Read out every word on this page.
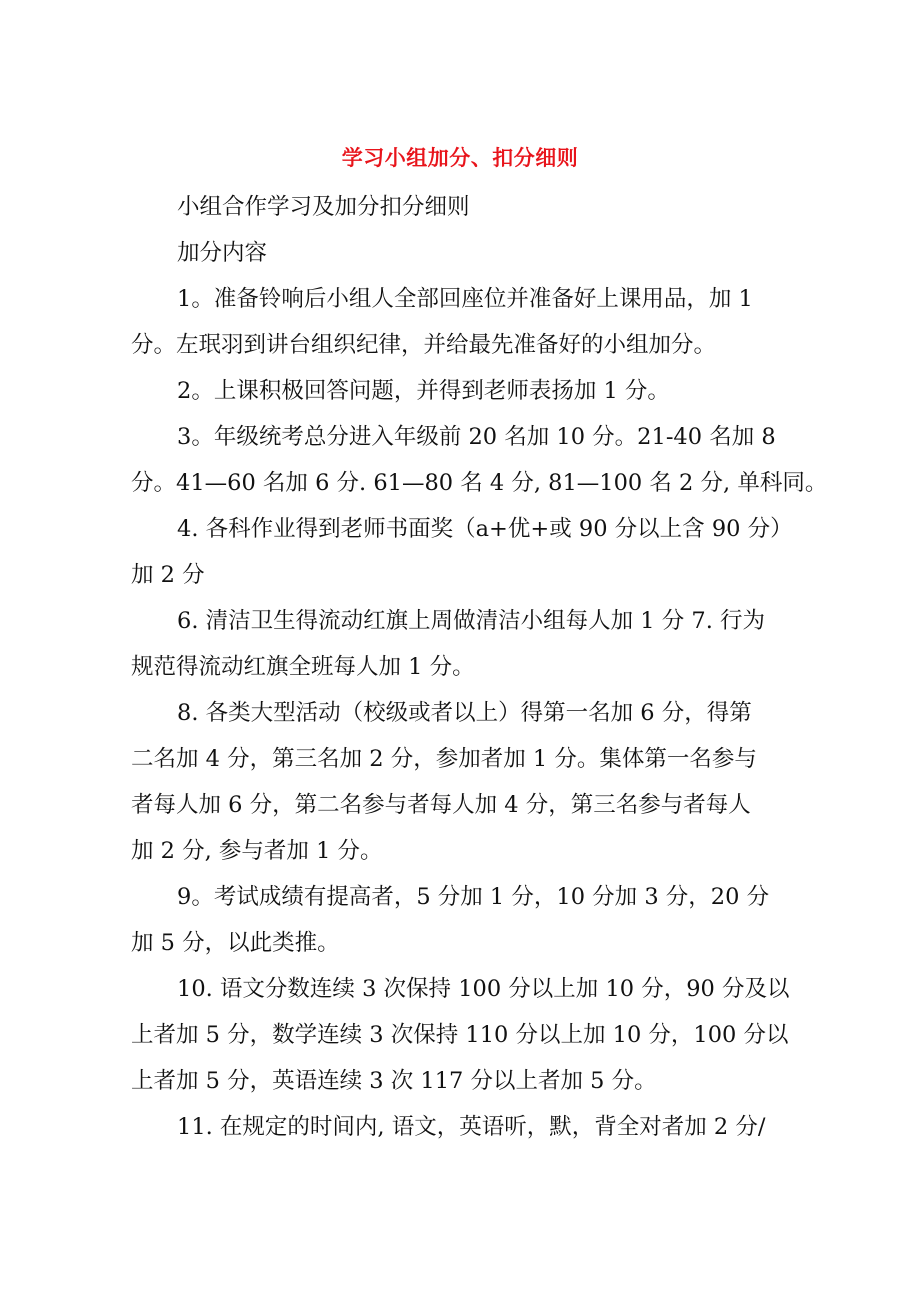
学习小组加分、扣分细则
小组合作学习及加分扣分细则
加分内容
1。准备铃响后小组人全部回座位并准备好上课用品，加 1
分。左珉羽到讲台组织纪律，并给最先准备好的小组加分。
2。上课积极回答问题，并得到老师表扬加 1 分。
3。年级统考总分进入年级前 20 名加 10 分。21-40 名加 8
分。41—60 名加 6 分. 61—80 名 4 分, 81—100 名 2 分, 单科同。
4. 各科作业得到老师书面奖（a+优+或 90 分以上含 90 分）
加 2 分
6. 清洁卫生得流动红旗上周做清洁小组每人加 1 分 7. 行为
规范得流动红旗全班每人加 1 分。
8. 各类大型活动（校级或者以上）得第一名加 6 分，得第
二名加 4 分，第三名加 2 分，参加者加 1 分。集体第一名参与
者每人加 6 分，第二名参与者每人加 4 分，第三名参与者每人
加 2 分, 参与者加 1 分。
9。考试成绩有提高者，5 分加 1 分，10 分加 3 分，20 分
加 5 分，以此类推。
10. 语文分数连续 3 次保持 100 分以上加 10 分，90 分及以
上者加 5 分，数学连续 3 次保持 110 分以上加 10 分，100 分以
上者加 5 分，英语连续 3 次 117 分以上者加 5 分。
11. 在规定的时间内, 语文，英语听，默，背全对者加 2 分/
